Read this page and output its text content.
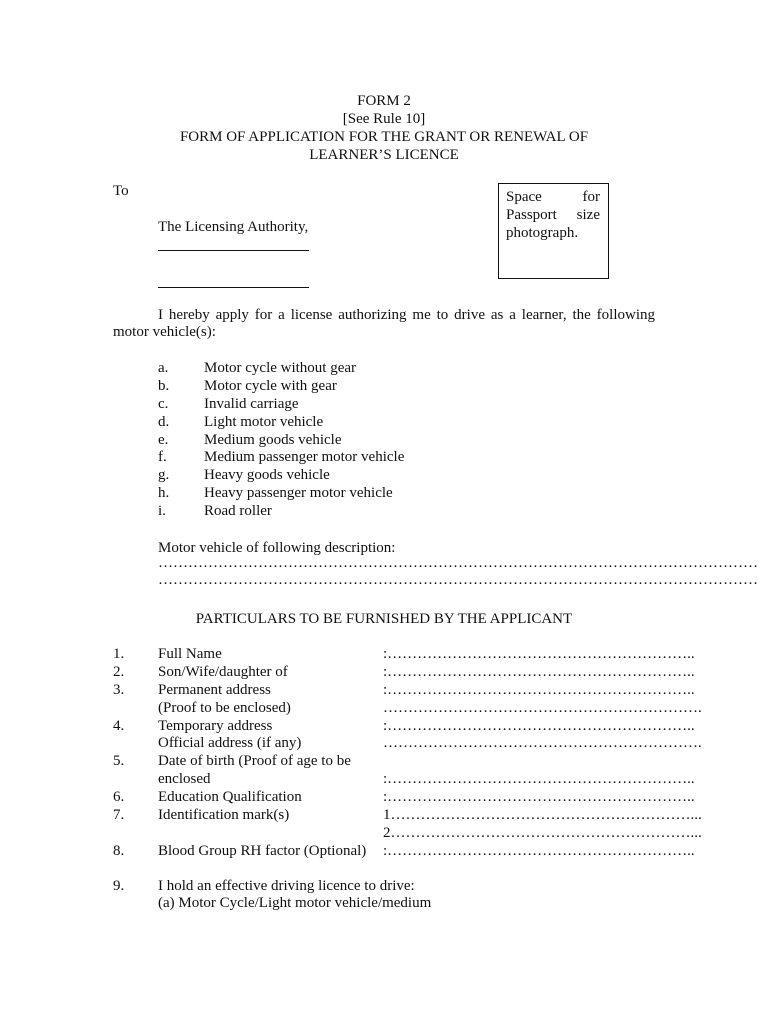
FORM 2
[See Rule 10]
FORM OF APPLICATION FOR THE GRANT OR RENEWAL OF
LEARNER’S LICENCE
To
The Licensing Authority,
Space for Passport size photograph.
I hereby apply for a license authorizing me to drive as a learner, the following motor vehicle(s):
a. Motor cycle without gear
b. Motor cycle with gear
c. Invalid carriage
d. Light motor vehicle
e. Medium goods vehicle
f. Medium passenger motor vehicle
g. Heavy goods vehicle
h. Heavy passenger motor vehicle
i.	Road roller
Motor vehicle of following description:
…………………………………………………………………………………………………………
…………………………………………………………………………………………………………
PARTICULARS TO BE FURNISHED BY THE APPLICANT
1. Full Name	:……………………………………………………..
2. Son/Wife/daughter of	:……………………………………………………..
3. Permanent address	:……………………………………………………..
(Proof to be enclosed)	……………………………………………………….
4. Temporary address	:……………………………………………………..
Official address (if any)	……………………………………………………….
5. Date of birth (Proof of age to be
enclosed	:……………………………………………………..
6. Education Qualification	:……………………………………………………..
7. Identification mark(s)	1……………………………………………………...
2……………………………………………………...
8. Blood Group RH factor (Optional) :……………………………………………………..
9. I hold an effective driving licence to drive:
(a) Motor Cycle/Light motor vehicle/medium
